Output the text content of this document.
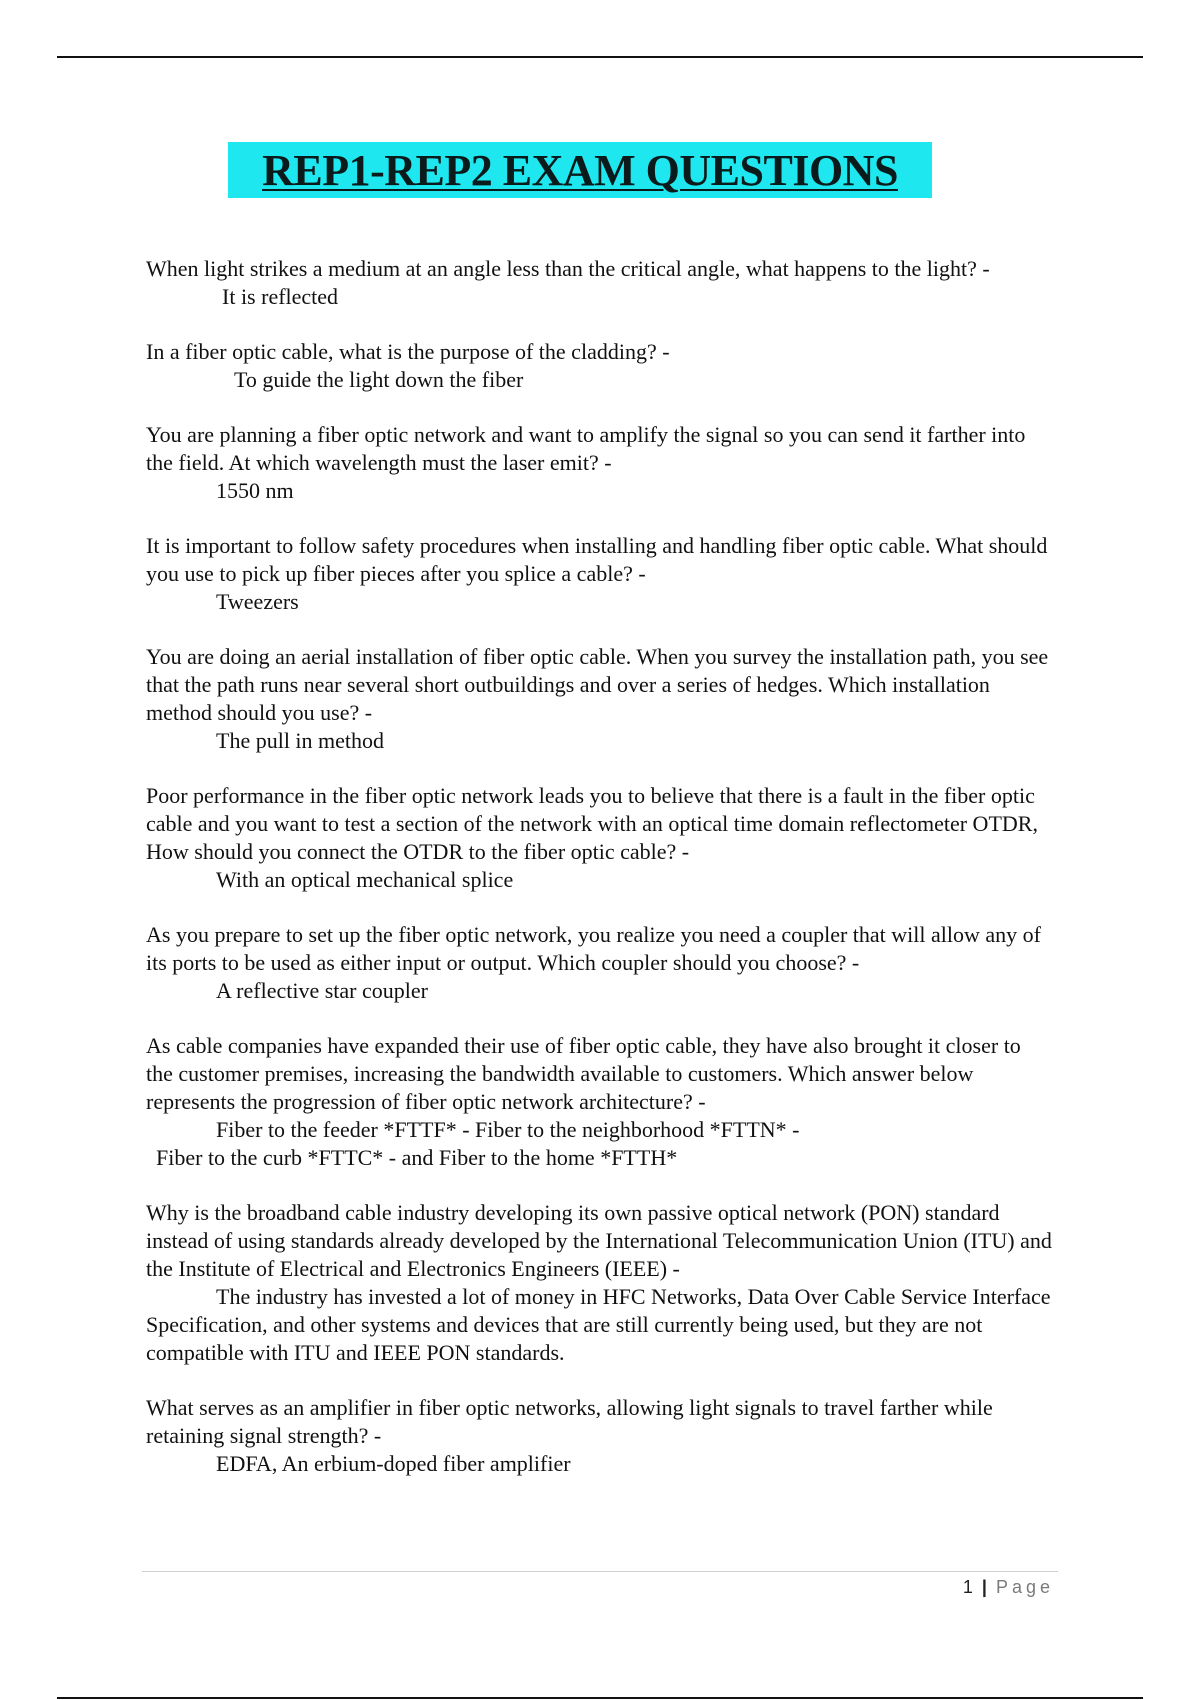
REP1-REP2 EXAM QUESTIONS

When light strikes a medium at an angle less than the critical angle, what happens to the light? -

It is reflected

In a fiber optic cable, what is the purpose of the cladding? -

To guide the light down the fiber

You are planning a fiber optic network and want to amplify the signal so you can send it farther into the field. At which wavelength must the laser emit? -

1550 nm

It is important to follow safety procedures when installing and handling fiber optic cable. What should you use to pick up fiber pieces after you splice a cable? -

Tweezers

You are doing an aerial installation of fiber optic cable. When you survey the installation path, you see that the path runs near several short outbuildings and over a series of hedges. Which installation method should you use? -

The pull in method

Poor performance in the fiber optic network leads you to believe that there is a fault in the fiber optic cable and you want to test a section of the network with an optical time domain reflectometer OTDR, How should you connect the OTDR to the fiber optic cable? -

With an optical mechanical splice

As you prepare to set up the fiber optic network, you realize you need a coupler that will allow any of its ports to be used as either input or output. Which coupler should you choose? -

A reflective star coupler

As cable companies have expanded their use of fiber optic cable, they have also brought it closer to the customer premises, increasing the bandwidth available to customers. Which answer below represents the progression of fiber optic network architecture? -

Fiber to the feeder *FTTF* - Fiber to the neighborhood *FTTN* -

Fiber to the curb *FTTC* - and Fiber to the home *FTTH*

Why is the broadband cable industry developing its own passive optical network (PON) standard instead of using standards already developed by the International Telecommunication Union (ITU) and the Institute of Electrical and Electronics Engineers (IEEE) -

The industry has invested a lot of money in HFC Networks, Data Over Cable Service Interface Specification, and other systems and devices that are still currently being used, but they are not compatible with ITU and IEEE PON standards.

What serves as an amplifier in fiber optic networks, allowing light signals to travel farther while retaining signal strength? -

EDFA, An erbium-doped fiber amplifier

1 | Page
